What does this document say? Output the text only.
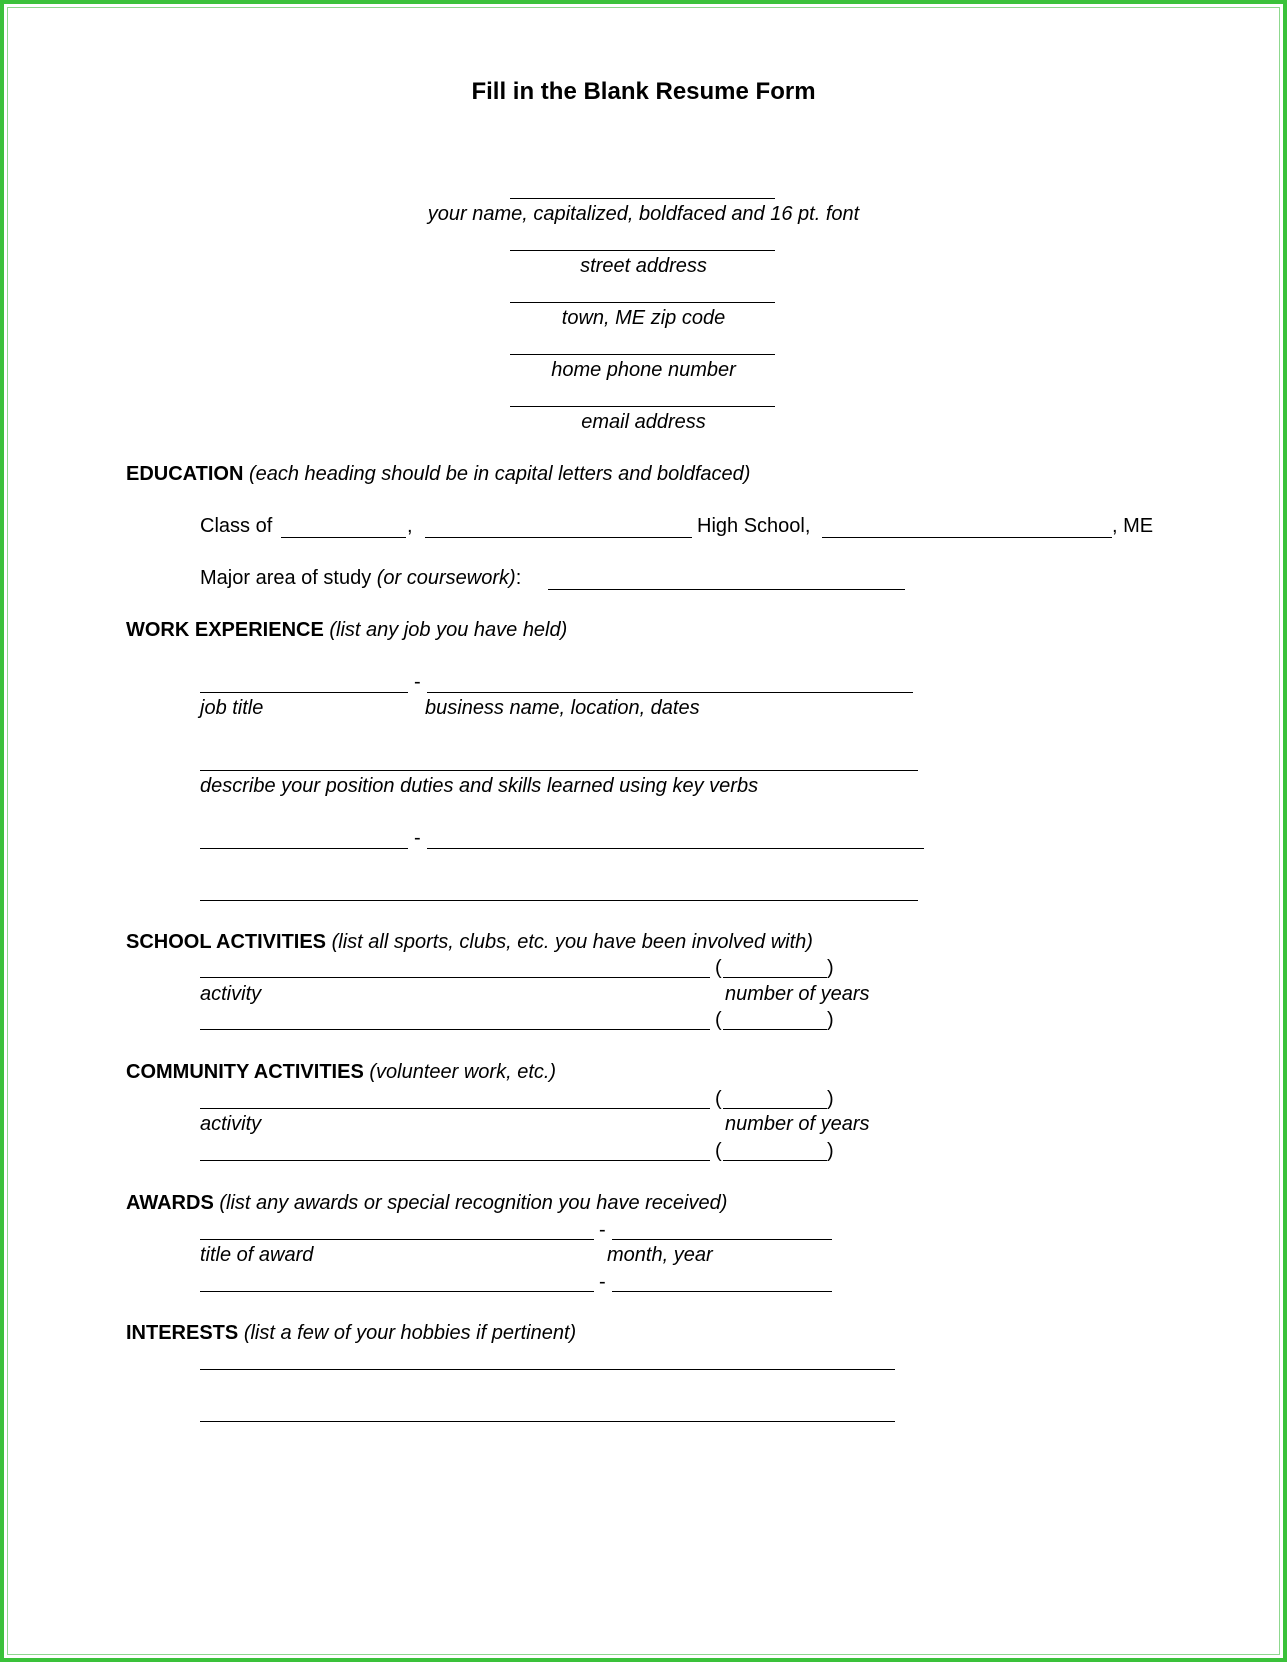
Fill in the Blank Resume Form
your name, capitalized, boldfaced and 16 pt. font
street address
town, ME zip code
home phone number
email address
EDUCATION (each heading should be in capital letters and boldfaced)
Class of	,	High School,	, ME
Major area of study (or coursework):
WORK EXPERIENCE (list any job you have held)
-
job title	business name, location, dates
describe your position duties and skills learned using key verbs
-
SCHOOL ACTIVITIES (list all sports, clubs, etc. you have been involved with)
(	)
activity	number of years
(	)
COMMUNITY ACTIVITIES (volunteer work, etc.)
(	)
activity	number of years
(	)
AWARDS (list any awards or special recognition you have received)
-
title of award	month, year
-
INTERESTS (list a few of your hobbies if pertinent)
